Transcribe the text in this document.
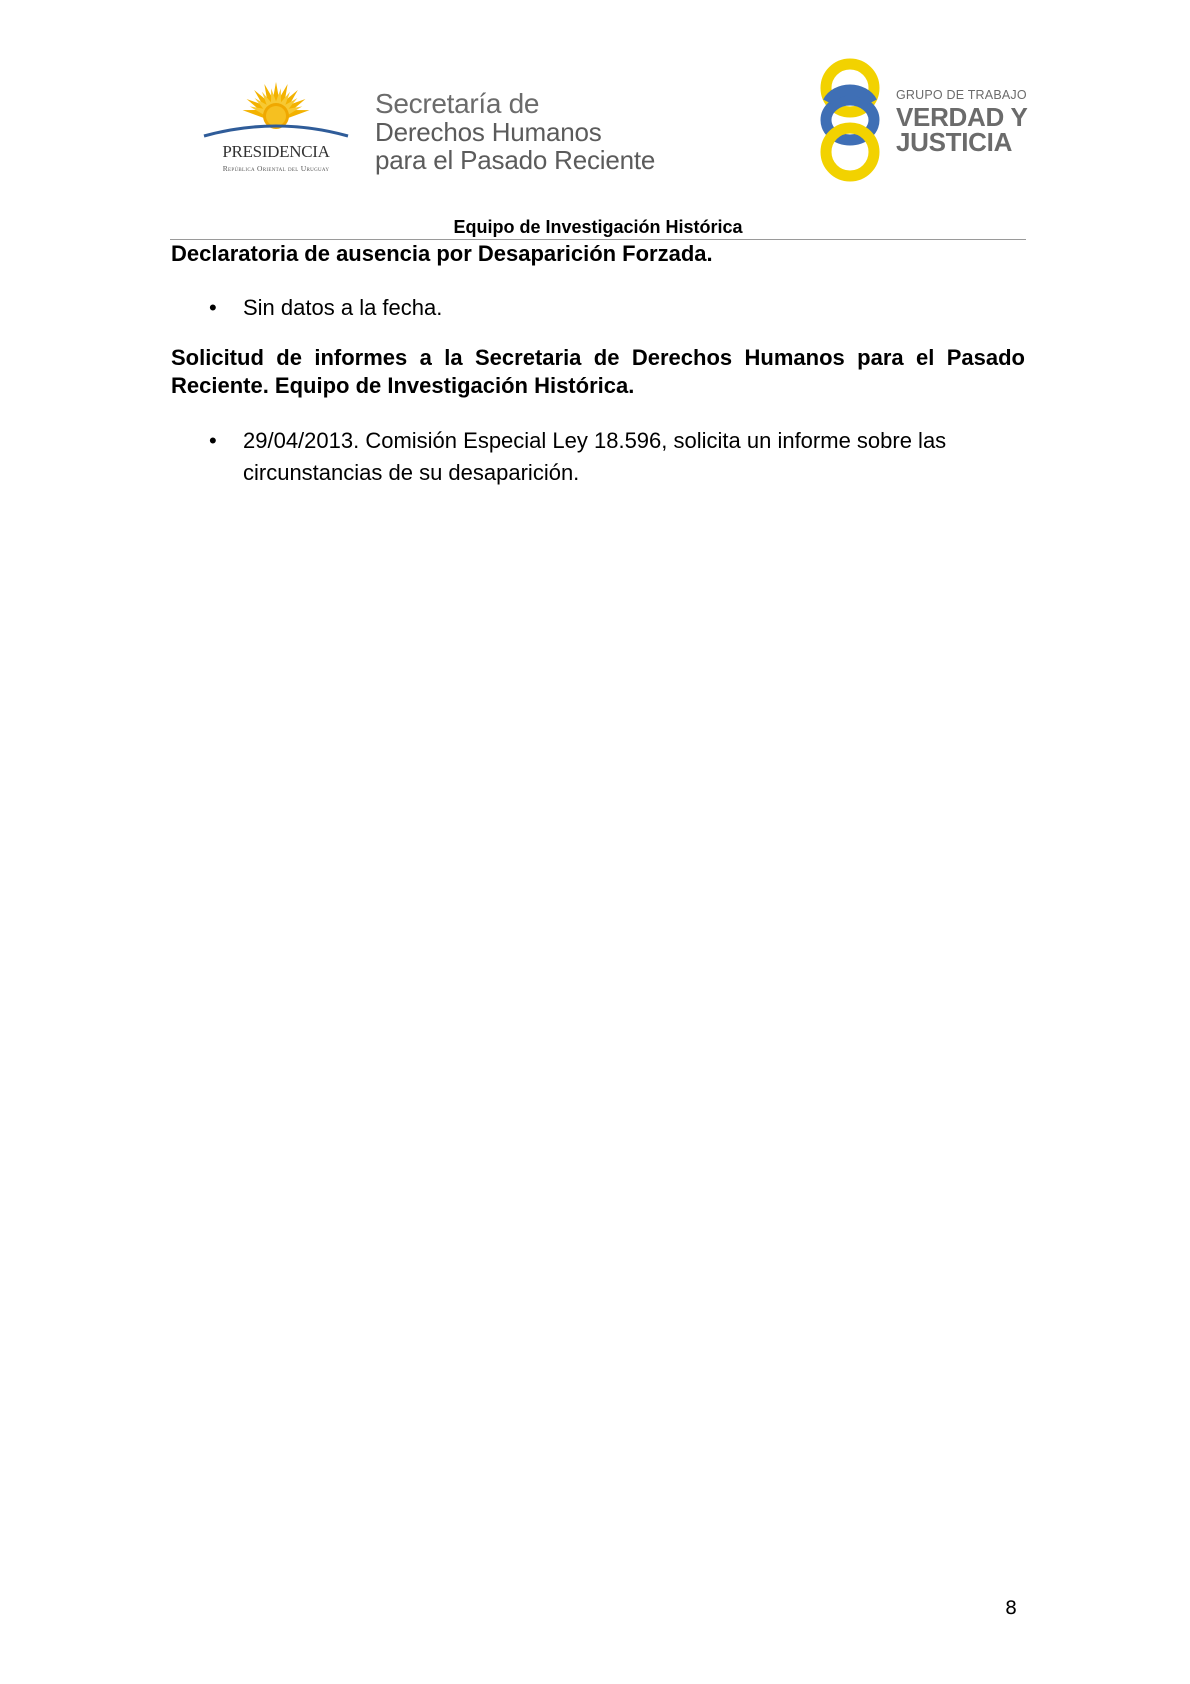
PRESIDENCIA
República Oriental del Uruguay
Secretaría de
Derechos Humanos
para el Pasado Reciente
GRUPO DE TRABAJO
VERDAD Y
JUSTICIA
Equipo de Investigación Histórica
Declaratoria de ausencia por Desaparición Forzada.
• Sin datos a la fecha.
Solicitud de informes a la Secretaria de Derechos Humanos para el Pasado Reciente. Equipo de Investigación Histórica.
• 29/04/2013. Comisión Especial Ley 18.596, solicita un informe sobre las circunstancias de su desaparición.
8
